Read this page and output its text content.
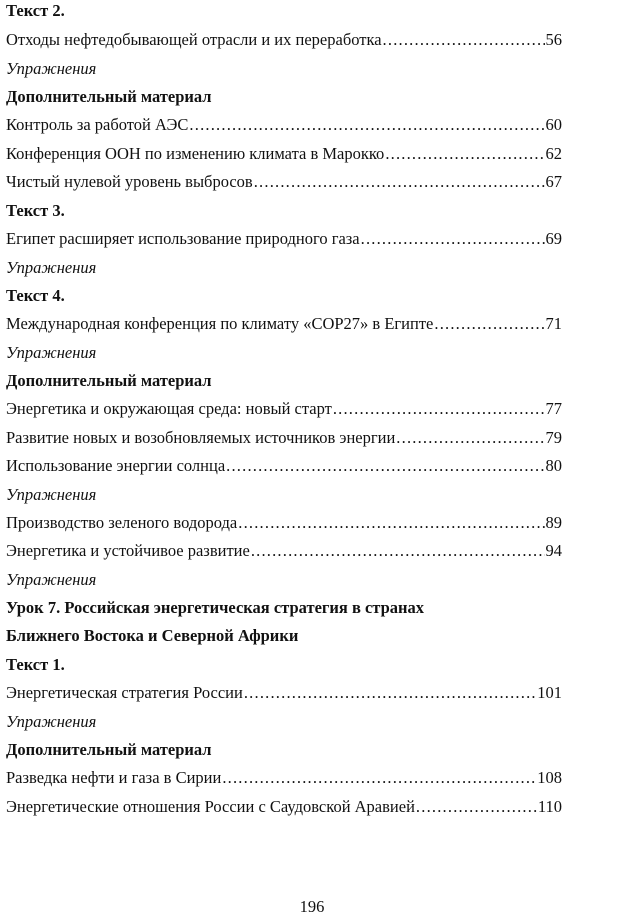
Текст 2.
Отходы нефтедобывающей отрасли и их переработка .....	56
Упражнения
Дополнительный материал
Контроль за работой АЭС .....	60
Конференция ООН по изменению климата в Марокко .....	62
Чистый нулевой уровень выбросов .....	67
Текст 3.
Египет расширяет использование природного газа .....	69
Упражнения
Текст 4.
Международная конференция по климату «COP27» в Египте .....	71
Упражнения
Дополнительный материал
Энергетика и окружающая среда: новый старт .....	77
Развитие новых и возобновляемых источников энергии .....	79
Использование энергии солнца .....	80
Упражнения
Производство зеленого водорода .....	89
Энергетика и устойчивое развитие .....	94
Упражнения
Урок 7. Российская энергетическая стратегия в странах
Ближнего Востока и Северной Африки
Текст 1.
Энергетическая стратегия России .....	101
Упражнения
Дополнительный материал
Разведка нефти и газа в Сирии .....	108
Энергетические отношения России с Саудовской Аравией .....	110
196
